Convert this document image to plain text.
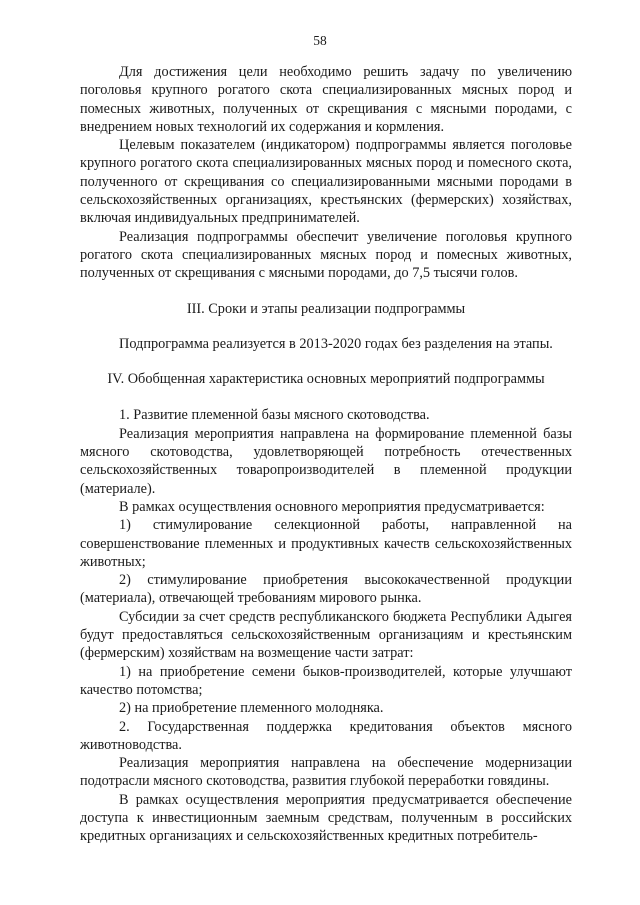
58

Для достижения цели необходимо решить задачу по увеличению поголовья крупного рогатого скота специализированных мясных пород и помесных животных, полученных от скрещивания с мясными породами, с внедрением новых технологий их содержания и кормления.

Целевым показателем (индикатором) подпрограммы является поголовье крупного рогатого скота специализированных мясных пород и помесного скота, полученного от скрещивания со специализированными мясными породами в сельскохозяйственных организациях, крестьянских (фермерских) хозяйствах, включая индивидуальных предпринимателей.

Реализация подпрограммы обеспечит увеличение поголовья крупного рогатого скота специализированных мясных пород и помесных животных, полученных от скрещивания с мясными породами, до 7,5 тысячи голов.

III. Сроки и этапы реализации подпрограммы

Подпрограмма реализуется в 2013-2020 годах без разделения на этапы.

IV. Обобщенная характеристика основных мероприятий подпрограммы

1. Развитие племенной базы мясного скотоводства.

Реализация мероприятия направлена на формирование племенной базы мясного скотоводства, удовлетворяющей потребность отечественных сельскохозяйственных товаропроизводителей в племенной продукции (материале).

В рамках осуществления основного мероприятия предусматривается:

1) стимулирование селекционной работы, направленной на совершенствование племенных и продуктивных качеств сельскохозяйственных животных;

2) стимулирование приобретения высококачественной продукции (материала), отвечающей требованиям мирового рынка.

Субсидии за счет средств республиканского бюджета Республики Адыгея будут предоставляться сельскохозяйственным организациям и крестьянским (фермерским) хозяйствам на возмещение части затрат:

1) на приобретение семени быков-производителей, которые улучшают качество потомства;

2) на приобретение племенного молодняка.

2. Государственная поддержка кредитования объектов мясного животноводства.

Реализация мероприятия направлена на обеспечение модернизации подотрасли мясного скотоводства, развития глубокой переработки говядины.

В рамках осуществления мероприятия предусматривается обеспечение доступа к инвестиционным заемным средствам, полученным в российских кредитных организациях и сельскохозяйственных кредитных потребитель-
